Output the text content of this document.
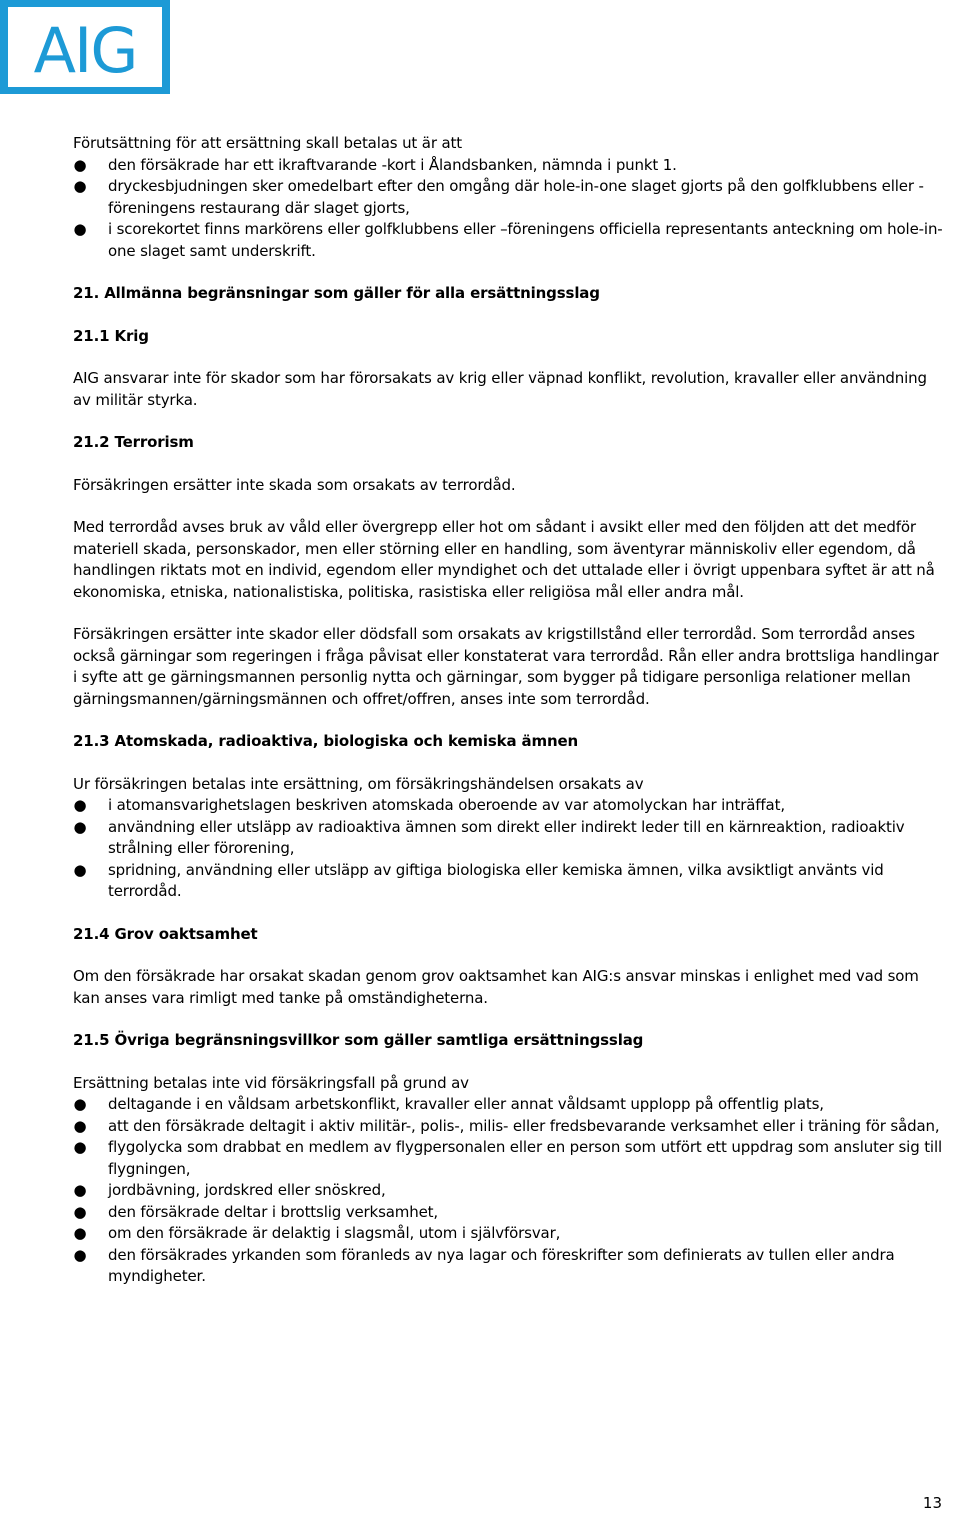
AIG

Förutsättning för att ersättning skall betalas ut är att

● den försäkrade har ett ikraftvarande -kort i Ålandsbanken, nämnda i punkt 1.
● dryckesbjudningen sker omedelbart efter den omgång där hole-in-one slaget gjorts på den golfklubbens eller -föreningens restaurang där slaget gjorts,
● i scorekortet finns markörens eller golfklubbens eller –föreningens officiella representants anteckning om hole-in-one slaget samt underskrift.

21. Allmänna begränsningar som gäller för alla ersättningsslag

21.1 Krig

AIG ansvarar inte för skador som har förorsakats av krig eller väpnad konflikt, revolution, kravaller eller användning av militär styrka.

21.2 Terrorism

Försäkringen ersätter inte skada som orsakats av terrordåd.

Med terrordåd avses bruk av våld eller övergrepp eller hot om sådant i avsikt eller med den följden att det medför materiell skada, personskador, men eller störning eller en handling, som äventyrar människoliv eller egendom, då handlingen riktats mot en individ, egendom eller myndighet och det uttalade eller i övrigt uppenbara syftet är att nå ekonomiska, etniska, nationalistiska, politiska, rasistiska eller religiösa mål eller andra mål.

Försäkringen ersätter inte skador eller dödsfall som orsakats av krigstillstånd eller terrordåd. Som terrordåd anses också gärningar som regeringen i fråga påvisat eller konstaterat vara terrordåd. Rån eller andra brottsliga handlingar i syfte att ge gärningsmannen personlig nytta och gärningar, som bygger på tidigare personliga relationer mellan gärningsmannen/gärningsmännen och offret/offren, anses inte som terrordåd.

21.3 Atomskada, radioaktiva, biologiska och kemiska ämnen

Ur försäkringen betalas inte ersättning, om försäkringshändelsen orsakats av

● i atomansvarighetslagen beskriven atomskada oberoende av var atomolyckan har inträffat,
● användning eller utsläpp av radioaktiva ämnen som direkt eller indirekt leder till en kärnreaktion, radioaktiv strålning eller förorening,
● spridning, användning eller utsläpp av giftiga biologiska eller kemiska ämnen, vilka avsiktligt använts vid terrordåd.

21.4 Grov oaktsamhet

Om den försäkrade har orsakat skadan genom grov oaktsamhet kan AIG:s ansvar minskas i enlighet med vad som kan anses vara rimligt med tanke på omständigheterna.

21.5 Övriga begränsningsvillkor som gäller samtliga ersättningsslag

Ersättning betalas inte vid försäkringsfall på grund av

● deltagande i en våldsam arbetskonflikt, kravaller eller annat våldsamt upplopp på offentlig plats,
● att den försäkrade deltagit i aktiv militär-, polis-, milis- eller fredsbevarande verksamhet eller i träning för sådan,
● flygolycka som drabbat en medlem av flygpersonalen eller en person som utfört ett uppdrag som ansluter sig till flygningen,
● jordbävning, jordskred eller snöskred,
● den försäkrade deltar i brottslig verksamhet,
● om den försäkrade är delaktig i slagsmål, utom i självförsvar,
● den försäkrades yrkanden som föranleds av nya lagar och föreskrifter som definierats av tullen eller andra myndigheter.
13
